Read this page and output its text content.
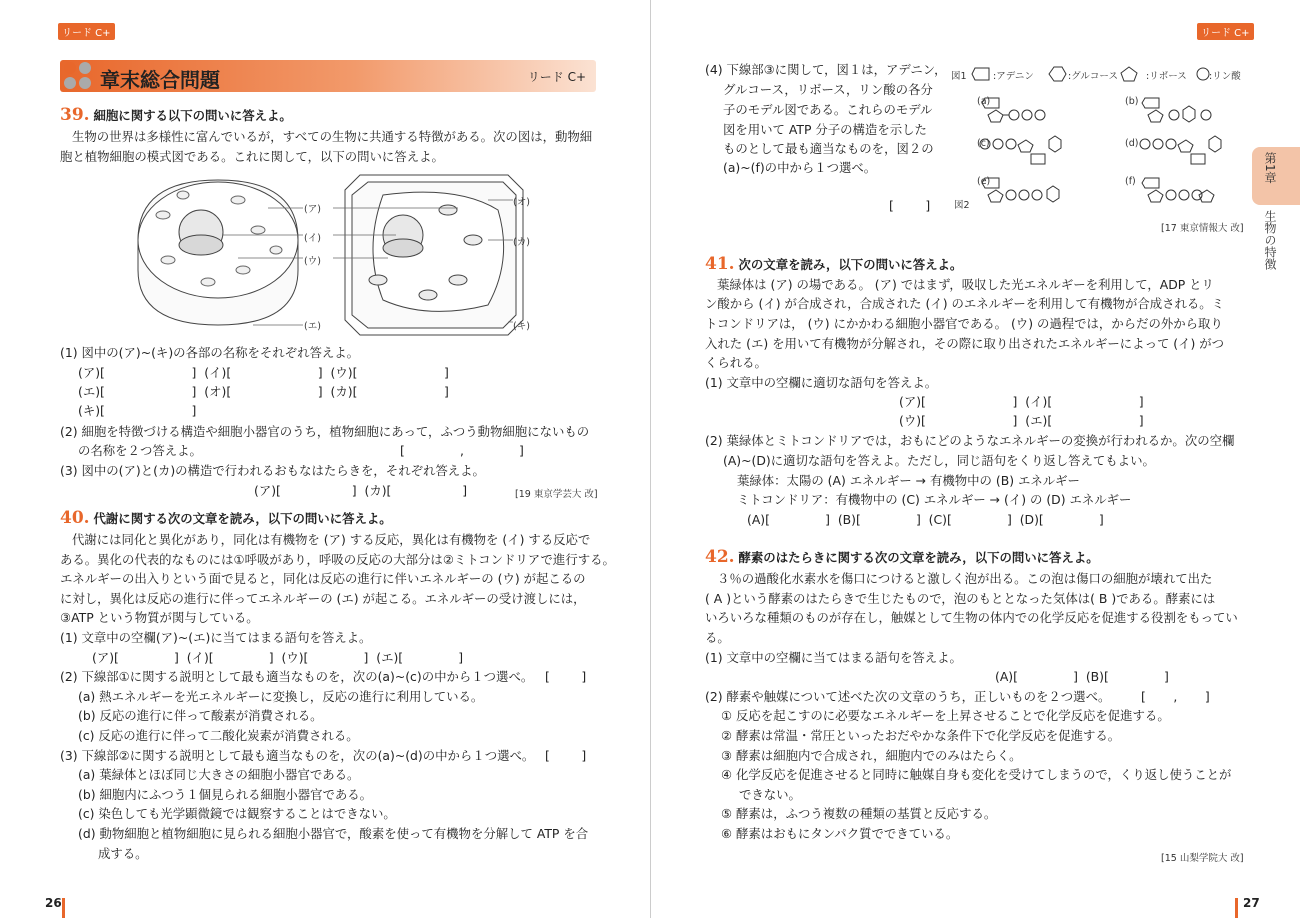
リード C+
章末総合問題	リード C+
39. 細胞に関する以下の問いに答えよ。
生物の世界は多様性に富んでいるが，すべての生物に共通する特徴がある。次の図は，動物細
胞と植物細胞の模式図である。これに関して，以下の問いに答えよ。
(ア)
(イ)
(ウ)
(エ)
(オ)
(カ)
(キ)
(1) 図中の(ア)~(キ)の各部の名称をそれぞれ答えよ。
(ア)[                      ]  (イ)[                      ]  (ウ)[                      ]
(エ)[                      ]  (オ)[                      ]  (カ)[                      ]
(キ)[                      ]
(2) 細胞を特徴づける構造や細胞小器官のうち，植物細胞にあって，ふつう動物細胞にないもの
の名称を２つ答えよ。	[              ,              ]
(3) 図中の(ア)と(カ)の構造で行われるおもなはたらきを，それぞれ答えよ。
(ア)[                  ]  (カ)[                  ]	[19 東京学芸大 改]
40. 代謝に関する次の文章を読み，以下の問いに答えよ。
代謝には同化と異化があり，同化は有機物を (ア) する反応，異化は有機物を (イ) する反応で
ある。異化の代表的なものには①呼吸があり，呼吸の反応の大部分は②ミトコンドリアで進行する。
エネルギーの出入りという面で見ると，同化は反応の進行に伴いエネルギーの (ウ) が起こるの
に対し，異化は反応の進行に伴ってエネルギーの (エ) が起こる。エネルギーの受け渡しには，
③ATP という物質が関与している。
(1) 文章中の空欄(ア)~(エ)に当てはまる語句を答えよ。
(ア)[              ]  (イ)[              ]  (ウ)[              ]  (エ)[              ]
(2) 下線部①に関する説明として最も適当なものを，次の(a)~(c)の中から１つ選べ。 [        ]
(a) 熱エネルギーを光エネルギーに変換し，反応の進行に利用している。
(b) 反応の進行に伴って酸素が消費される。
(c) 反応の進行に伴って二酸化炭素が消費される。
(3) 下線部②に関する説明として最も適当なものを，次の(a)~(d)の中から１つ選べ。 [        ]
(a) 葉緑体とほぼ同じ大きさの細胞小器官である。
(b) 細胞内にふつう１個見られる細胞小器官である。
(c) 染色しても光学顕微鏡では観察することはできない。
(d) 動物細胞と植物細胞に見られる細胞小器官で，酸素を使って有機物を分解して ATP を合
成する。
26
リード C+
(4) 下線部③に関して，図１は，アデニン，
グルコース，リボース，リン酸の各分
子のモデル図である。これらのモデル
図を用いて ATP 分子の構造を示した
ものとして最も適当なものを，図２の
(a)~(f)の中から１つ選べ。
[        ]
図1	:アデニン	:グルコース	:リボース :リン酸
(a)	(b)
(c)	(d)
(e)	(f)
図2
[17 東京情報大 改]
41. 次の文章を読み，以下の問いに答えよ。
葉緑体は (ア) の場である。 (ア) ではまず，吸収した光エネルギーを利用して，ADP とリ
ン酸から (イ) が合成され，合成された (イ) のエネルギーを利用して有機物が合成される。ミ
トコンドリアは， (ウ) にかかわる細胞小器官である。 (ウ) の過程では，からだの外から取り
入れた (エ) を用いて有機物が分解され，その際に取り出されたエネルギーによって (イ) がつ
くられる。
(1) 文章中の空欄に適切な語句を答えよ。
(ア)[                      ]  (イ)[                      ]
(ウ)[                      ]  (エ)[                      ]
(2) 葉緑体とミトコンドリアでは，おもにどのようなエネルギーの変換が行われるか。次の空欄
(A)~(D)に適切な語句を答えよ。ただし，同じ語句をくり返し答えてもよい。
葉緑体：太陽の (A) エネルギー → 有機物中の (B) エネルギー
ミトコンドリア：有機物中の (C) エネルギー → (イ) の (D) エネルギー
(A)[              ]  (B)[              ]  (C)[              ]  (D)[              ]
42. 酵素のはたらきに関する次の文章を読み，以下の問いに答えよ。
３％の過酸化水素水を傷口につけると激しく泡が出る。この泡は傷口の細胞が壊れて出た
( A )という酵素のはたらきで生じたもので，泡のもととなった気体は( B )である。酵素には
いろいろな種類のものが存在し，触媒として生物の体内での化学反応を促進する役割をもってい
る。
(1) 文章中の空欄に当てはまる語句を答えよ。
(A)[              ]  (B)[              ]
(2) 酵素や触媒について述べた次の文章のうち，正しいものを２つ選べ。 [       ,       ]
① 反応を起こすのに必要なエネルギーを上昇させることで化学反応を促進する。
② 酵素は常温・常圧といったおだやかな条件下で化学反応を促進する。
③ 酵素は細胞内で合成され，細胞内でのみはたらく。
④ 化学反応を促進させると同時に触媒自身も変化を受けてしまうので，くり返し使うことが
できない。
⑤ 酵素は，ふつう複数の種類の基質と反応する。
⑥ 酵素はおもにタンパク質でできている。
[15 山梨学院大 改]
27
第1章
生物の特徴
